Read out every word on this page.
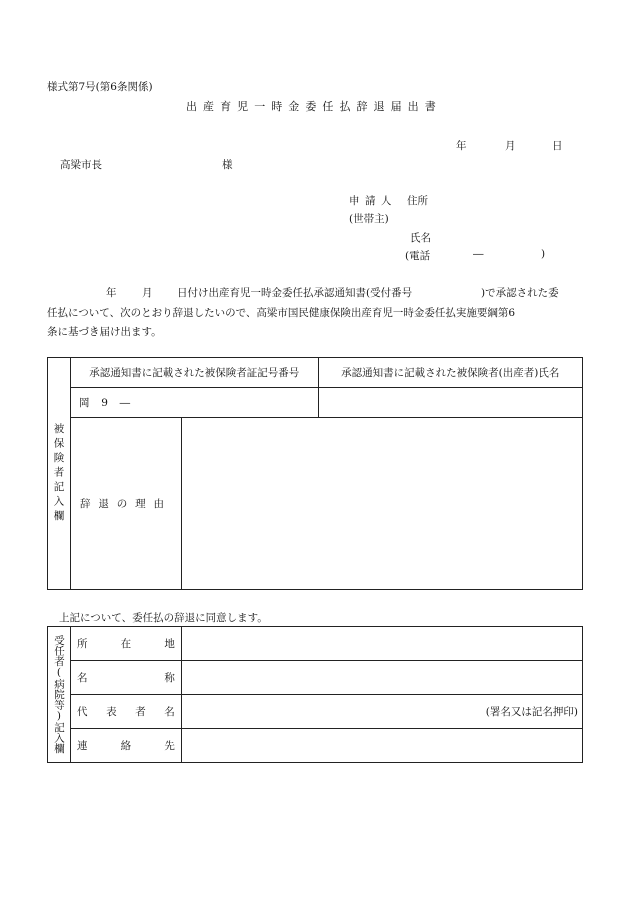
様式第7号(第6条関係)
出産育児一時金委任払辞退届出書
年	月	日
高梁市長	様
申 請 人 住所
(世帯主)
氏名
(電話	―	)
年 月 日付け出産育児一時金委任払承認通知書(受付番号	)で承認された委
任払について、次のとおり辞退したいので、高梁市国民健康保険出産育児一時金委任払実施要綱第6
条に基づき届け出ます。
被保険者記入欄	承認通知書に記載された被保険者証記号番号		承認通知書に記載された被保険者(出産者)氏名
	岡 9 ―		
	辞退の理由		
上記について、委任払の辞退に同意します。
受任者(病院等)記入欄	所 在 地	

	名 称	

	代 表 者 名	(署名又は記名押印)

	連 絡 先	
